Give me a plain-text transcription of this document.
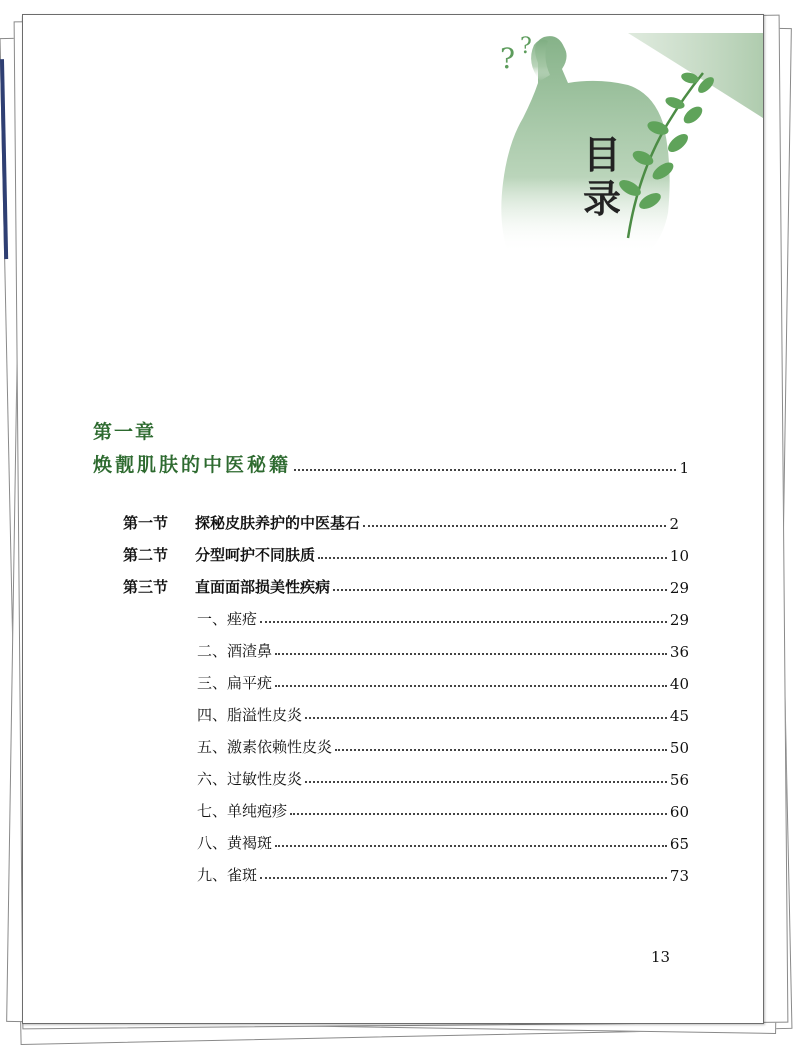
? ?
目录
第一章
焕靓肌肤的中医秘籍	1
第一节	探秘皮肤养护的中医基石	2
第二节	分型呵护不同肤质	10
第三节	直面面部损美性疾病	29
一、痤疮	29
二、酒渣鼻	36
三、扁平疣	40
四、脂溢性皮炎	45
五、激素依赖性皮炎	50
六、过敏性皮炎	56
七、单纯疱疹	60
八、黄褐斑	65
九、雀斑	73
13
